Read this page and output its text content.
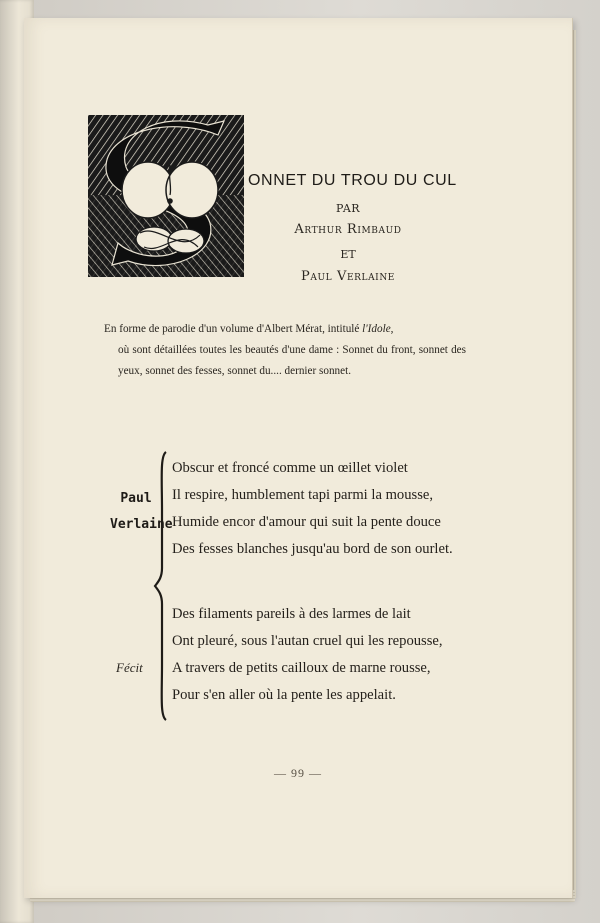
— 99 —
ONNET DU TROU DU CUL
PAR
Arthur Rimbaud
ET
Paul Verlaine
En forme de parodie d'un volume d'Albert Mérat, intitulé l'Idole,
où sont détaillées toutes les beautés d'une dame : Sonnet du front, sonnet des yeux, sonnet des fesses, sonnet du.... dernier sonnet.
Paul
Verlaine
Fécit
Obscur et froncé comme un œillet violet
Il respire, humblement tapi parmi la mousse,
Humide encor d'amour qui suit la pente douce
Des fesses blanches jusqu'au bord de son ourlet.
Des filaments pareils à des larmes de lait
Ont pleuré, sous l'autan cruel qui les repousse,
A travers de petits cailloux de marne rousse,
Pour s'en aller où la pente les appelait.
